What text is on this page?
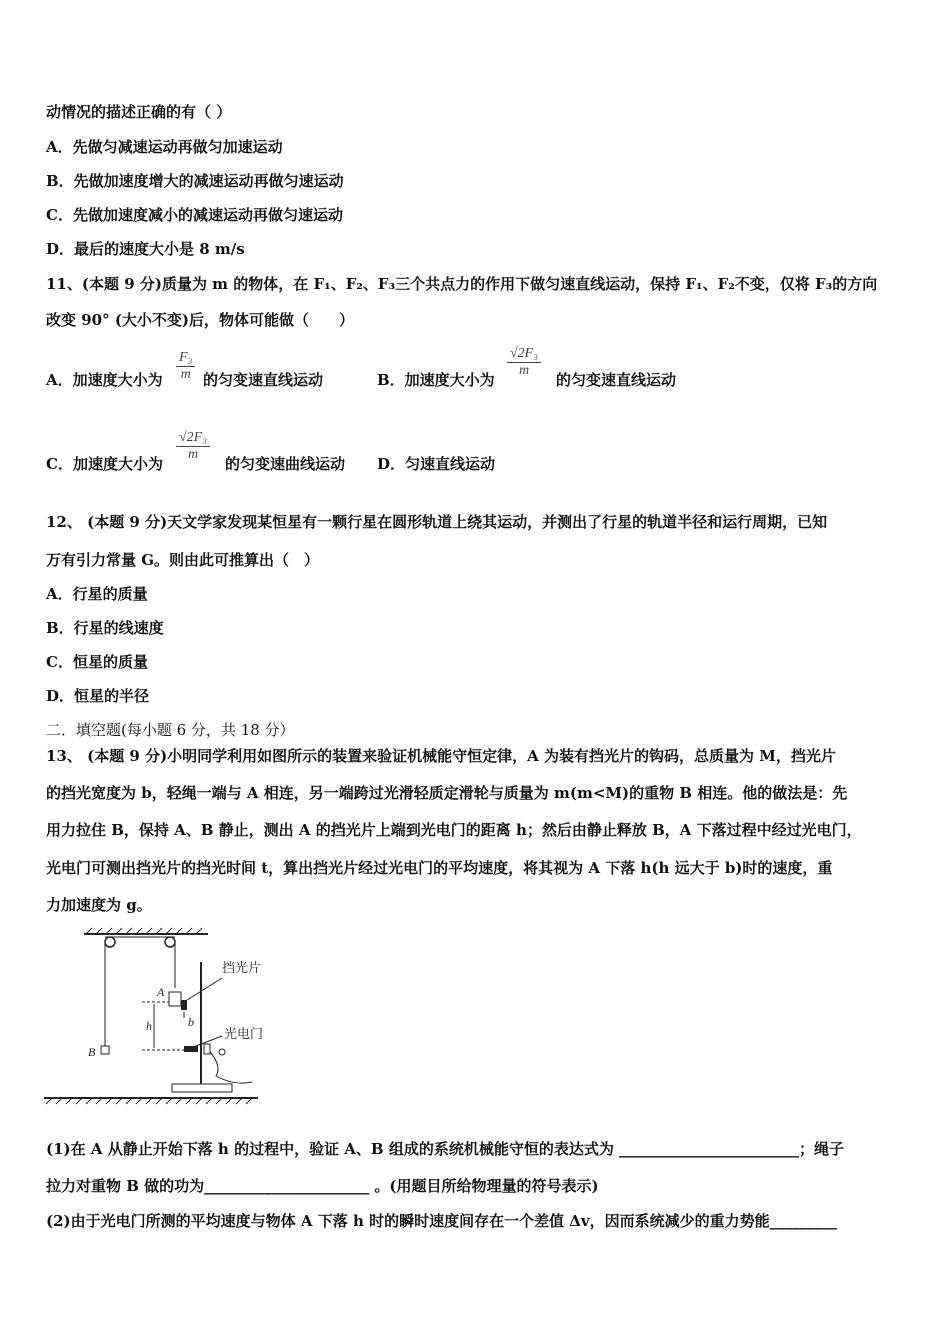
动情况的描述正确的有（ ）
A．先做匀减速运动再做匀加速运动
B．先做加速度增大的减速运动再做匀速运动
C．先做加速度减小的减速运动再做匀速运动
D．最后的速度大小是 8 m/s
11、(本题 9 分)质量为 m 的物体，在 F₁、F₂、F₃三个共点力的作用下做匀速直线运动，保持 F₁、F₂不变，仅将 F₃的方向
改变 90° (大小不变)后，物体可能做（　　）
A．加速度大小为 $\frac{\text{F₃}}{m}$ 的匀变速直线运动	B．加速度大小为
$\frac{\text{√2F₃}}{m}$
的匀变速直线运动
C．加速度大小为
$\frac{\text{√2F₃}}{m}$
的匀变速曲线运动 D．匀速直线运动
12、 (本题 9 分)天文学家发现某恒星有一颗行星在圆形轨道上绕其运动，并测出了行星的轨道半径和运行周期，已知
万有引力常量 G。则由此可推算出（　）
A．行星的质量
B．行星的线速度
C．恒星的质量
D．恒星的半径
二．填空题(每小题 6 分，共 18 分）
13、 (本题 9 分)小明同学利用如图所示的装置来验证机械能守恒定律，A 为装有挡光片的钩码，总质量为 M，挡光片
的挡光宽度为 b，轻绳一端与 A 相连，另一端跨过光滑轻质定滑轮与质量为 m(m<M)的重物 B 相连。他的做法是：先
用力拉住 B，保持 A、B 静止，测出 A 的挡光片上端到光电门的距离 h；然后由静止释放 B，A 下落过程中经过光电门，
光电门可测出挡光片的挡光时间 t，算出挡光片经过光电门的平均速度，将其视为 A 下落 h(h 远大于 b)时的速度，重
力加速度为 g。
B
A
挡光片
b
h
光电门
(1)在 A 从静止开始下落 h 的过程中，验证 A、B 组成的系统机械能守恒的表达式为 ________________________；绳子
拉力对重物 B 做的功为______________________ 。(用题目所给物理量的符号表示)
(2)由于光电门所测的平均速度与物体 A 下落 h 时的瞬时速度间存在一个差值 Δv，因而系统减少的重力势能_________
